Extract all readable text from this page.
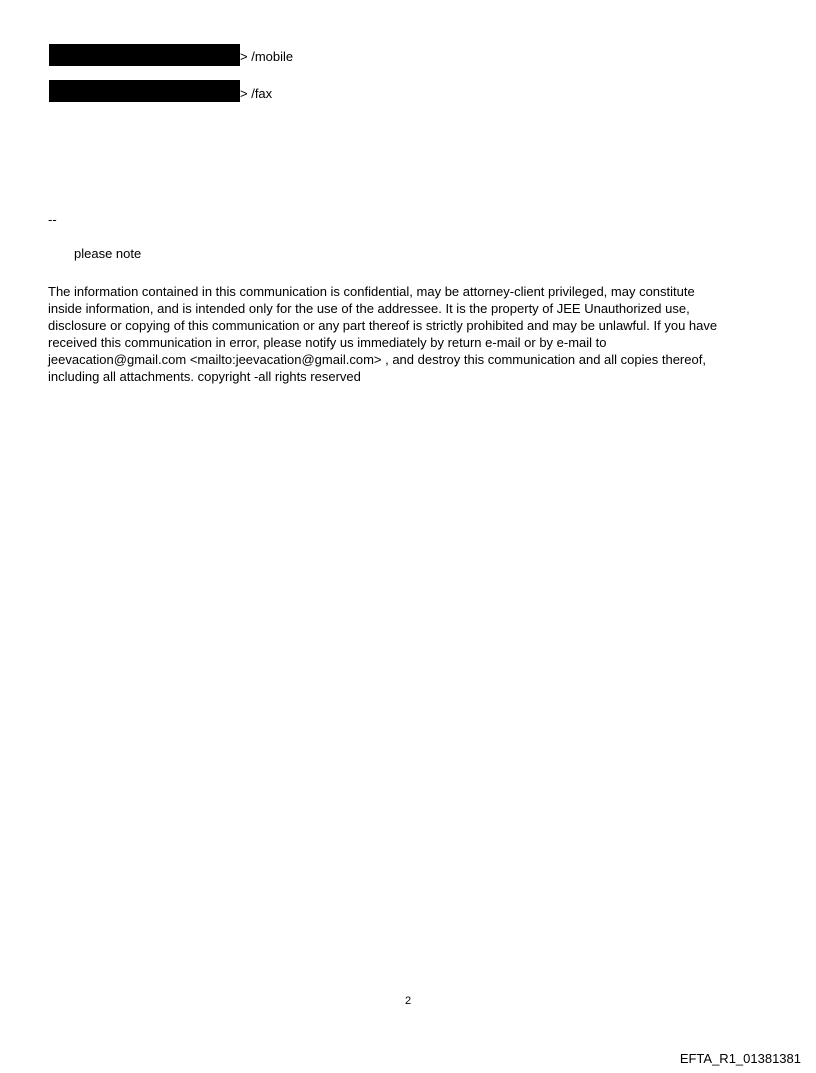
> /mobile
> /fax
--
please note
The information contained in this communication is confidential, may be attorney-client privileged, may constitute
inside information, and is intended only for the use of the addressee. It is the property of JEE Unauthorized use,
disclosure or copying of this communication or any part thereof is strictly prohibited and may be unlawful. If you have
received this communication in error, please notify us immediately by return e-mail or by e-mail to
jeevacation@gmail.com <mailto:jeevacation@gmail.com> , and destroy this communication and all copies thereof,
including all attachments. copyright -all rights reserved
2
EFTA_R1_01381381
